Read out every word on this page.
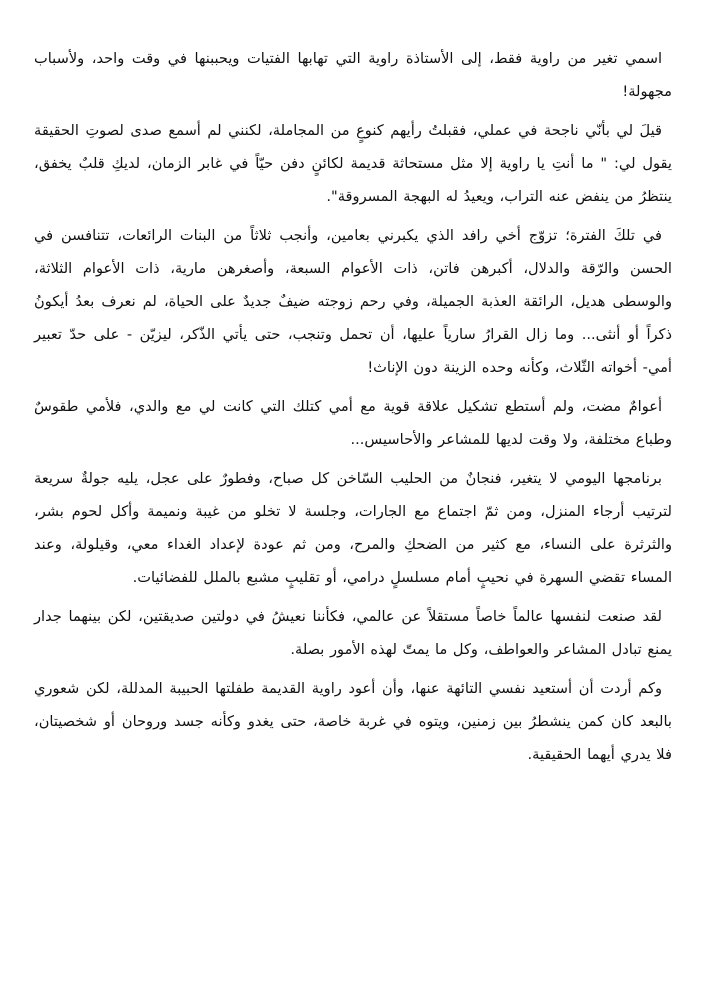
اسمي تغير من راوية فقط، إلى الأستاذة راوية التي تهابها الفتيات ويحببنها في وقت واحد، ولأسباب مجهولة!

قيلَ لي بأنّي ناجحة في عملي، فقبلتُ رأيهم كنوعٍ من المجاملة، لكنني لم أسمع صدى لصوتِ الحقيقة يقول لي: " ما أنتِ يا راوية إلا مثل مستحاثة قديمة لكائنٍ دفن حيّاً في غابر الزمان، لديكِ قلبٌ يخفق، ينتظرُ من ينفض عنه التراب، ويعيدُ له البهجة المسروقة".

في تلكَ الفترة؛ تزوّج أخي رافد الذي يكبرني بعامين، وأنجب ثلاثاً من البنات الرائعات، تتنافسن في الحسن والرّقة والدلال، أكبرهن فاتن، ذات الأعوام السبعة، وأصغرهن مارية، ذات الأعوام الثلاثة، والوسطى هديل، الرائقة العذبة الجميلة، وفي رحم زوجته ضيفٌ جديدٌ على الحياة، لم نعرف بعدُ أيكونُ ذكراً أو أنثى... وما زال القرارُ سارياً عليها، أن تحمل وتنجب، حتى يأتي الذّكر، ليزيّن - على حدّ تعبير أمي- أخواته الثّلاث، وكأنه وحده الزينة دون الإناث!

أعوامٌ مضت، ولم أستطع تشكيل علاقة قوية مع أمي كتلك التي كانت لي مع والدي، فلأمي طقوسٌ وطباع مختلفة، ولا وقت لديها للمشاعر والأحاسيس...

برنامجها اليومي لا يتغير، فنجانٌ من الحليب السّاخن كل صباح، وفطورٌ على عجل، يليه جولةٌ سريعة لترتيب أرجاء المنزل، ومن ثمّ اجتماع مع الجارات، وجلسة لا تخلو من غيبة ونميمة وأكل لحوم بشر، والثرثرة على النساء، مع كثير من الضحكِ والمرح، ومن ثم عودة لإعداد الغداء معي، وقيلولة، وعند المساء تقضي السهرة في نحيبٍ أمام مسلسلٍ درامي، أو تقليبٍ مشبع بالملل للفضائيات.

لقد صنعت لنفسها عالماً خاصاً مستقلاً عن عالمي، فكأننا نعيشُ في دولتين صديقتين، لكن بينهما جدار يمنع تبادل المشاعر والعواطف، وكل ما يمتّ لهذه الأمور بصلة.

وكم أردت أن أستعيد نفسي التائهة عنها، وأن أعود راوية القديمة طفلتها الحبيبة المدللة، لكن شعوري بالبعد كان كمن ينشطرُ بين زمنين، ويتوه في غربة خاصة، حتى يغدو وكأنه جسد وروحان أو شخصيتان، فلا يدري أيهما الحقيقية.
